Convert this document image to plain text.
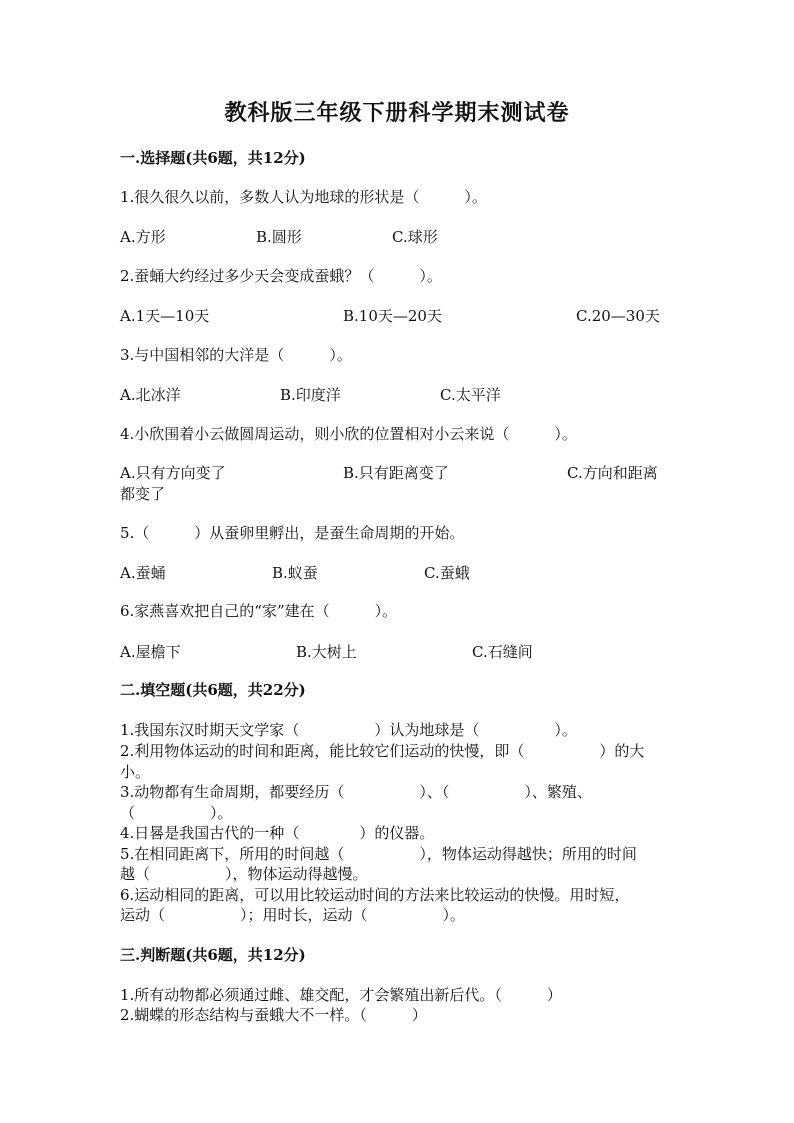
教科版三年级下册科学期末测试卷
一.选择题(共6题，共12分)
1.很久很久以前，多数人认为地球的形状是（　　　）。
A.方形	B.圆形	C.球形
2.蚕蛹大约经过多少天会变成蚕蛾？（　　　）。
A.1天—10天	B.10天—20天	C.20—30天
3.与中国相邻的大洋是（　　　）。
A.北冰洋	B.印度洋	C.太平洋
4.小欣围着小云做圆周运动，则小欣的位置相对小云来说（　　　）。
A.只有方向变了	B.只有距离变了	C.方向和距离
都变了
5.（　　　）从蚕卵里孵出，是蚕生命周期的开始。
A.蚕蛹	B.蚁蚕	C.蚕蛾
6.家燕喜欢把自己的“家”建在（　　　）。
A.屋檐下	B.大树上	C.石缝间
二.填空题(共6题，共22分)
1.我国东汉时期天文学家（　　　　　）认为地球是（　　　　　）。
2.利用物体运动的时间和距离，能比较它们运动的快慢，即（　　　　　）的大
小。
3.动物都有生命周期，都要经历（　　　　　）、（　　　　　）、繁殖、
（　　　　　）。
4.日晷是我国古代的一种（　　　　）的仪器。
5.在相同距离下，所用的时间越（　　　　　），物体运动得越快；所用的时间
越（　　　　　），物体运动得越慢。
6.运动相同的距离，可以用比较运动时间的方法来比较运动的快慢。用时短，
运动（　　　　　）；用时长，运动（　　　　　）。
三.判断题(共6题，共12分)
1.所有动物都必须通过雌、雄交配，才会繁殖出新后代。（　　　）
2.蝴蝶的形态结构与蚕蛾大不一样。（　　　）
